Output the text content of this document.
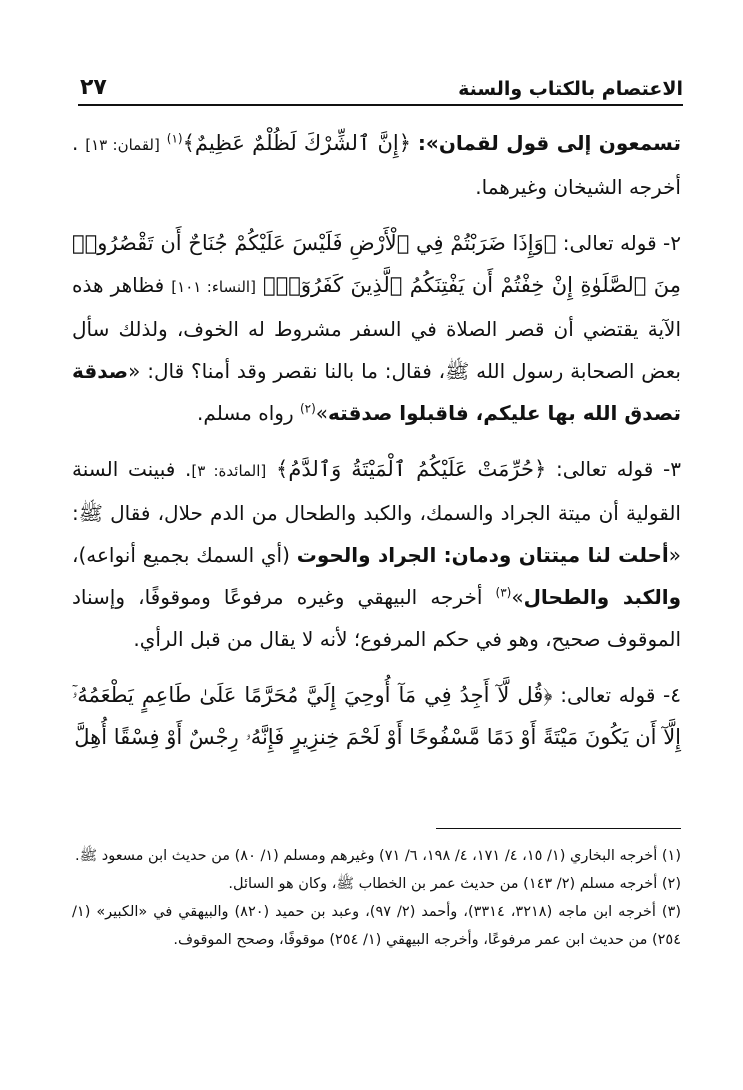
الاعتصام بالكتاب والسنة
٢٧

تسمعون إلى قول لقمان»: ﴿إِنَّ ٱلشِّرْكَ لَظُلْمٌ عَظِيمٌ﴾$^{(١)}$ [لقمان: ١٣] . أخرجه الشيخان وغيرهما.

٢- قوله تعالى: ﴿وَإِذَا ضَرَبْتُمْ فِي ٱلْأَرْضِ فَلَيْسَ عَلَيْكُمْ جُنَاحٌ أَن تَقْصُرُوا۟ مِنَ ٱلصَّلَوٰةِ إِنْ خِفْتُمْ أَن يَفْتِنَكُمُ ٱلَّذِينَ كَفَرُوٓا۟﴾ [النساء: ١٠١] فظاهر هذه الآية يقتضي أن قصر الصلاة في السفر مشروط له الخوف، ولذلك سأل بعض الصحابة رسول الله ﷺ، فقال: ما بالنا نقصر وقد أمنا؟ قال: «صدقة تصدق الله بها عليكم، فاقبلوا صدقته»$^{(٢)}$ رواه مسلم.

٣- قوله تعالى: ﴿حُرِّمَتْ عَلَيْكُمُ ٱلْمَيْتَةُ وَٱلدَّمُ﴾ [المائدة: ٣]. فبينت السنة القولية أن ميتة الجراد والسمك، والكبد والطحال من الدم حلال، فقال ﷺ: «أحلت لنا ميتتان ودمان: الجراد والحوت (أي السمك بجميع أنواعه)، والكبد والطحال»$^{(٣)}$ أخرجه البيهقي وغيره مرفوعًا وموقوفًا، وإسناد الموقوف صحيح، وهو في حكم المرفوع؛ لأنه لا يقال من قبل الرأي.

٤- قوله تعالى: ﴿قُل لَّآ أَجِدُ فِي مَآ أُوحِيَ إِلَيَّ مُحَرَّمًا عَلَىٰ طَاعِمٍ يَطْعَمُهُۥٓ إِلَّآ أَن يَكُونَ مَيْتَةً أَوْ دَمًا مَّسْفُوحًا أَوْ لَحْمَ خِنزِيرٍ فَإِنَّهُۥ رِجْسٌ أَوْ فِسْقًا أُهِلَّ

(١) أخرجه البخاري (١/ ١٥، ٤/ ١٧١، ٤/ ١٩٨، ٦/ ٧١) وغيرهم ومسلم (١/ ٨٠) من حديث ابن مسعود ﷺ.

(٢) أخرجه مسلم (٢/ ١٤٣) من حديث عمر بن الخطاب ﷺ، وكان هو السائل.

(٣) أخرجه ابن ماجه (٣٢١٨، ٣٣١٤)، وأحمد (٢/ ٩٧)، وعبد بن حميد (٨٢٠) والبيهقي في «الكبير» (١/ ٢٥٤) من حديث ابن عمر مرفوعًا، وأخرجه البيهقي (١/ ٢٥٤) موقوفًا، وصحح الموقوف.
